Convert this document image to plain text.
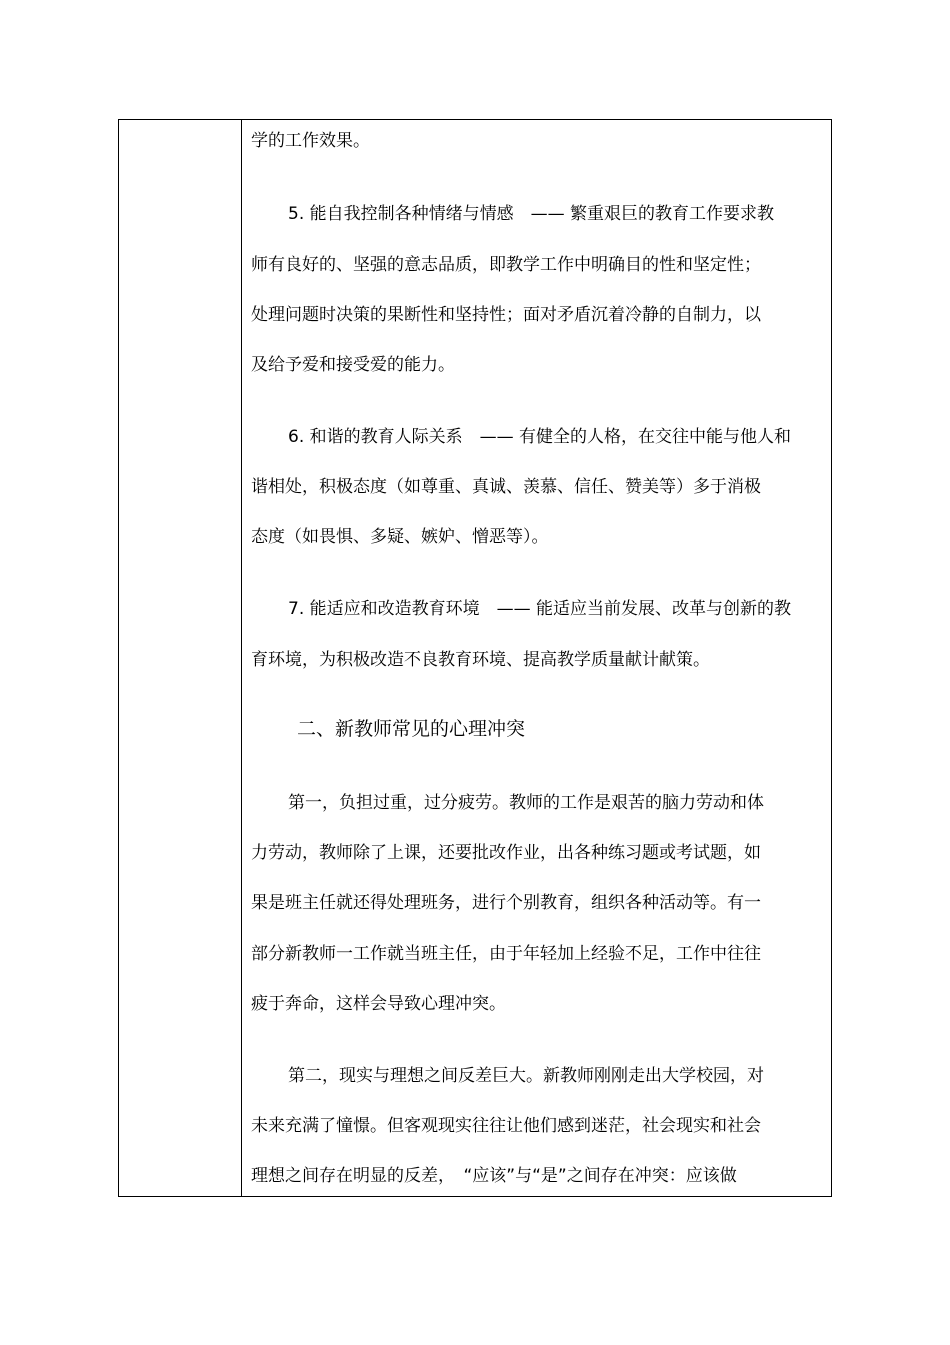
学的工作效果。
5. 能自我控制各种情绪与情感　—— 繁重艰巨的教育工作要求教
师有良好的、坚强的意志品质，即教学工作中明确目的性和坚定性；
处理问题时决策的果断性和坚持性；面对矛盾沉着冷静的自制力，以
及给予爱和接受爱的能力。
6. 和谐的教育人际关系　—— 有健全的人格，在交往中能与他人和
谐相处，积极态度（如尊重、真诚、羡慕、信任、赞美等）多于消极
态度（如畏惧、多疑、嫉妒、憎恶等）。
7. 能适应和改造教育环境　—— 能适应当前发展、改革与创新的教
育环境，为积极改造不良教育环境、提高教学质量献计献策。
二、新教师常见的心理冲突
第一，负担过重，过分疲劳。教师的工作是艰苦的脑力劳动和体
力劳动，教师除了上课，还要批改作业，出各种练习题或考试题，如
果是班主任就还得处理班务，进行个别教育，组织各种活动等。有一
部分新教师一工作就当班主任，由于年轻加上经验不足，工作中往往
疲于奔命，这样会导致心理冲突。
第二，现实与理想之间反差巨大。新教师刚刚走出大学校园，对
未来充满了憧憬。但客观现实往往让他们感到迷茫，社会现实和社会
理想之间存在明显的反差，　“应该”与“是”之间存在冲突：应该做
